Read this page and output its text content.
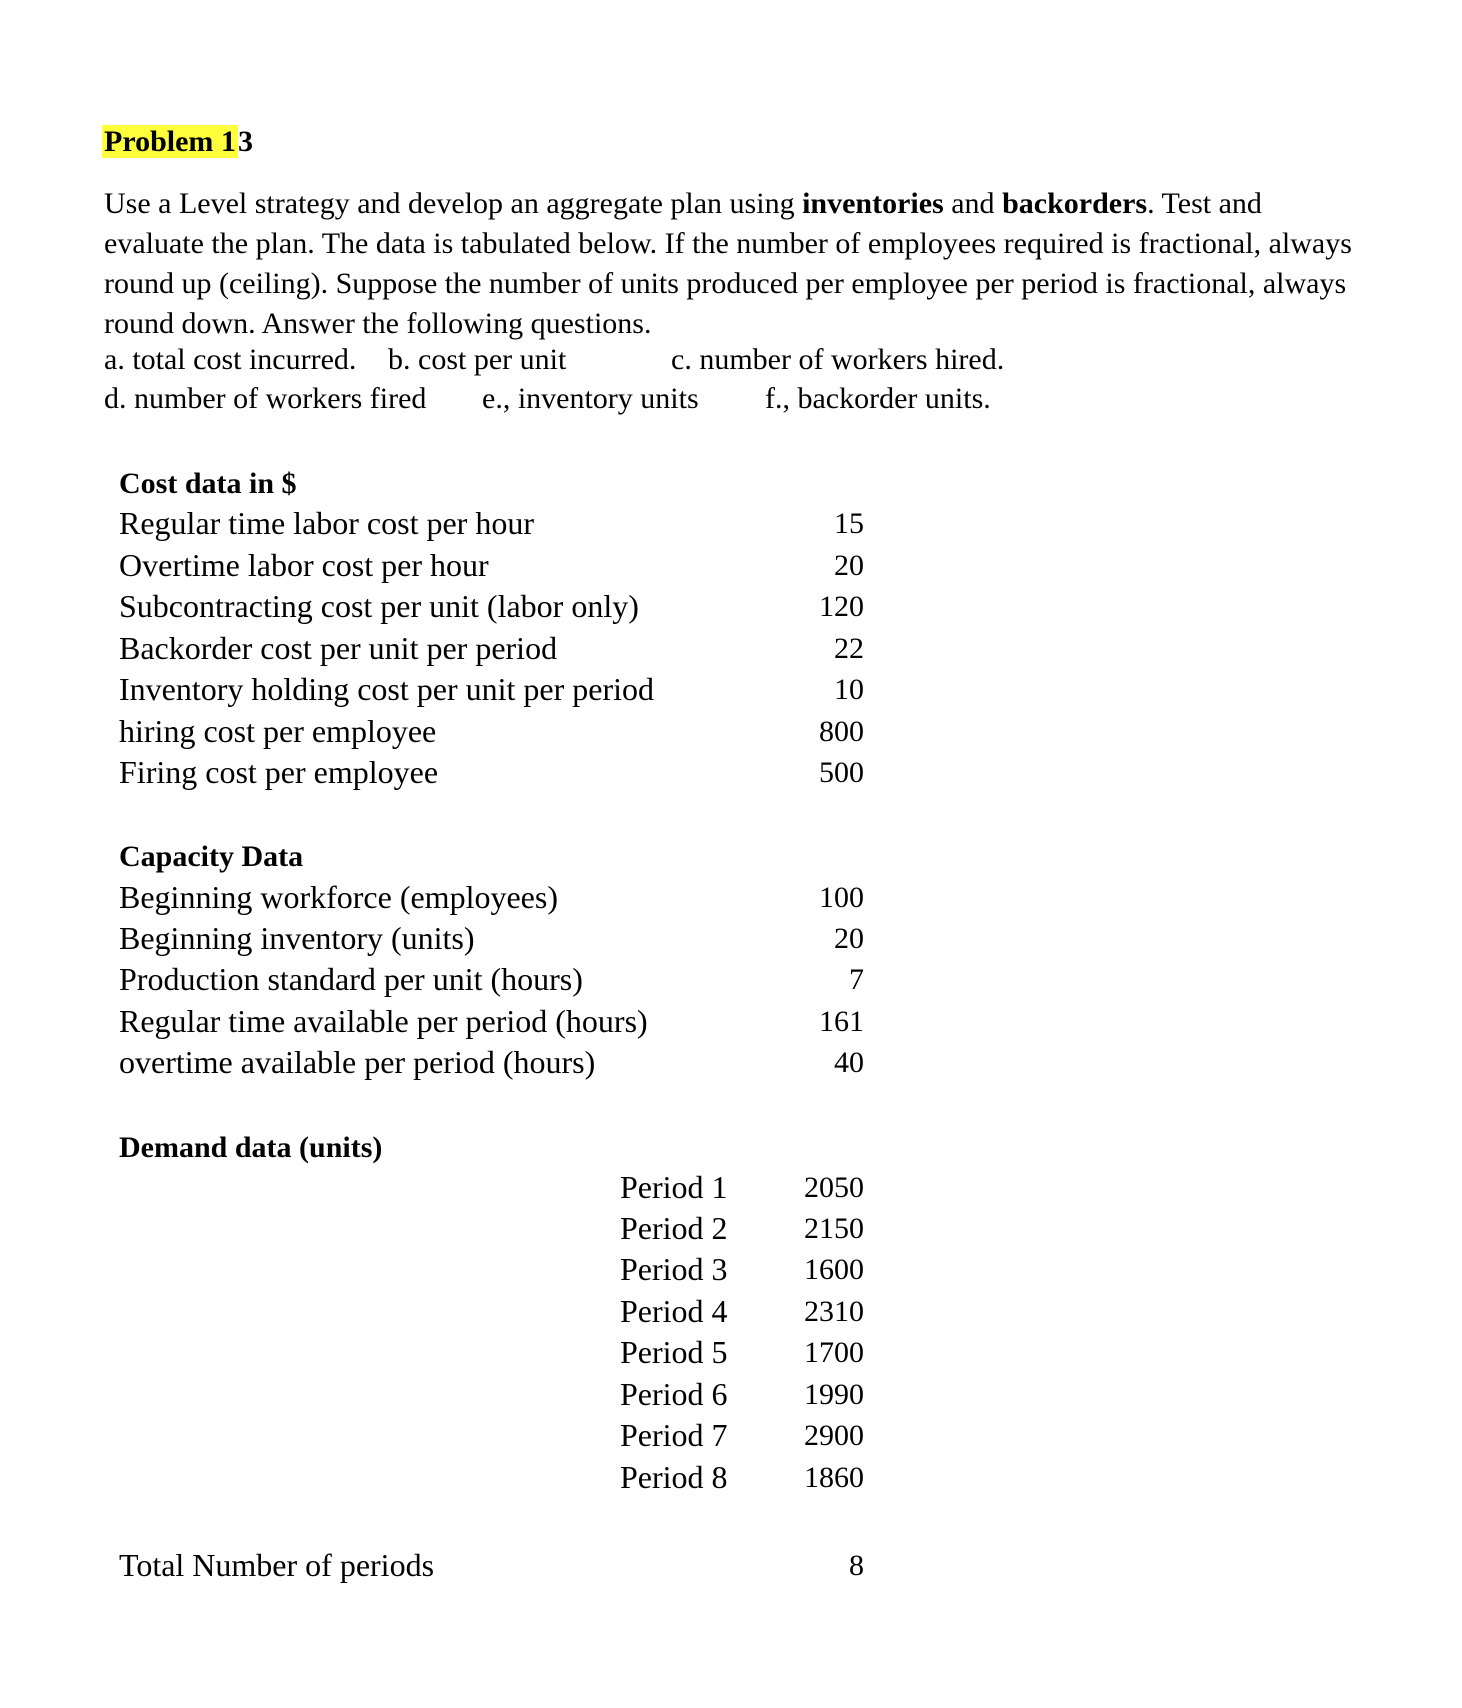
Problem 13

Use a Level strategy and develop an aggregate plan using inventories and backorders. Test and evaluate the plan. The data is tabulated below. If the number of employees required is fractional, always round up (ceiling). Suppose the number of units produced per employee per period is fractional, always round down. Answer the following questions.

a. total cost incurred. b. cost per unit	c. number of workers hired.
d. number of workers fired e., inventory units f., backorder units.
Cost data in $
Regular time labor cost per hour	15
Overtime labor cost per hour	20
Subcontracting cost per unit (labor only)	120
Backorder cost per unit per period	22
Inventory holding cost per unit per period	10
hiring cost per employee	800
Firing cost per employee	500
Capacity Data
Beginning workforce (employees)	100
Beginning inventory (units)	20
Production standard per unit (hours)	7
Regular time available per period (hours)	161
overtime available per period (hours)	40
Demand data (units)
Period 1	2050
Period 2	2150
Period 3	1600
Period 4	2310
Period 5	1700
Period 6	1990
Period 7	2900
Period 8	1860
Total Number of periods	8
